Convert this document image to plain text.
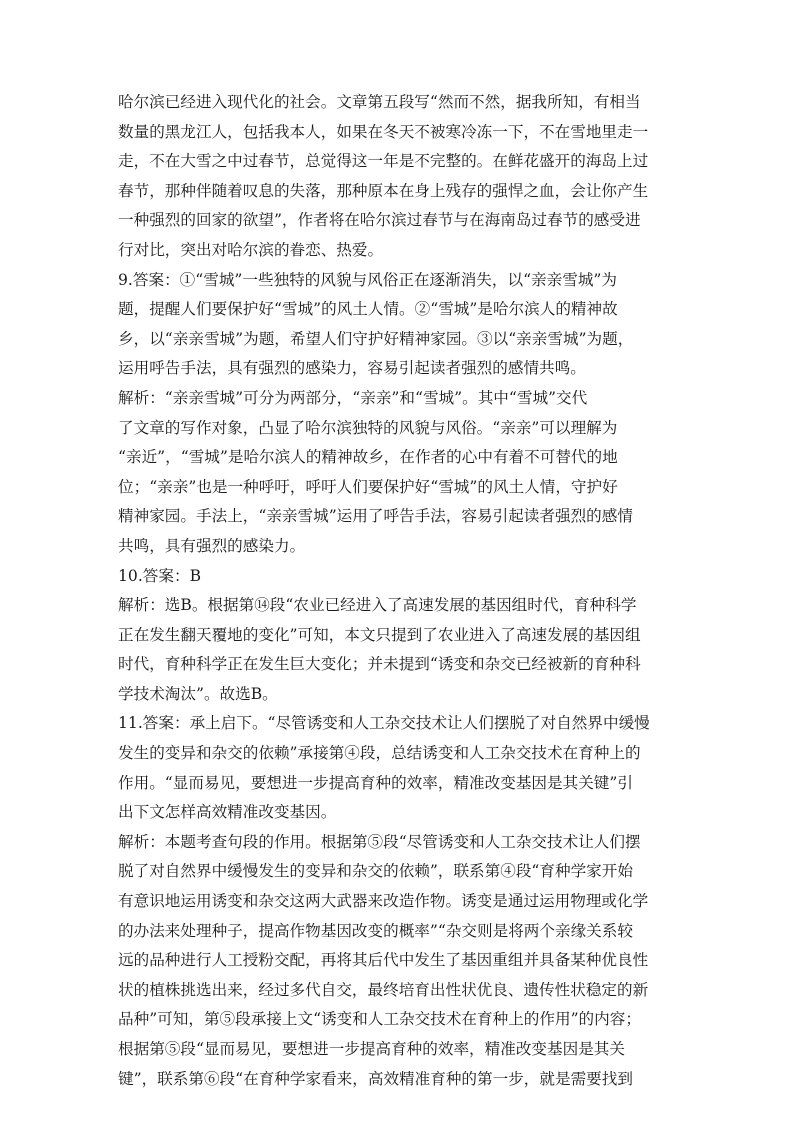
哈尔滨已经进入现代化的社会。文章第五段写“然而不然，据我所知，有相当
数量的黑龙江人，包括我本人，如果在冬天不被寒冷冻一下，不在雪地里走一
走，不在大雪之中过春节，总觉得这一年是不完整的。在鲜花盛开的海岛上过
春节，那种伴随着叹息的失落，那种原本在身上残存的强悍之血，会让你产生
一种强烈的回家的欲望”，作者将在哈尔滨过春节与在海南岛过春节的感受进
行对比，突出对哈尔滨的眷恋、热爱。
9.答案：①“雪城”一些独特的风貌与风俗正在逐渐消失，以“亲亲雪城”为
题，提醒人们要保护好“雪城”的风土人情。②“雪城”是哈尔滨人的精神故
乡，以“亲亲雪城”为题，希望人们守护好精神家园。③以“亲亲雪城”为题，
运用呼告手法，具有强烈的感染力，容易引起读者强烈的感情共鸣。
解析：“亲亲雪城”可分为两部分，“亲亲”和“雪城”。其中“雪城”交代
了文章的写作对象，凸显了哈尔滨独特的风貌与风俗。“亲亲”可以理解为
“亲近”，“雪城”是哈尔滨人的精神故乡，在作者的心中有着不可替代的地
位；“亲亲”也是一种呼吁，呼吁人们要保护好“雪城”的风土人情，守护好
精神家园。手法上，“亲亲雪城”运用了呼告手法，容易引起读者强烈的感情
共鸣，具有强烈的感染力。
10.答案：B
解析：选B。根据第⑭段“农业已经进入了高速发展的基因组时代，育种科学
正在发生翻天覆地的变化”可知，本文只提到了农业进入了高速发展的基因组
时代，育种科学正在发生巨大变化；并未提到“诱变和杂交已经被新的育种科
学技术淘汰”。故选B。
11.答案：承上启下。“尽管诱变和人工杂交技术让人们摆脱了对自然界中缓慢
发生的变异和杂交的依赖”承接第④段，总结诱变和人工杂交技术在育种上的
作用。“显而易见，要想进一步提高育种的效率，精准改变基因是其关键”引
出下文怎样高效精准改变基因。
解析：本题考查句段的作用。根据第⑤段“尽管诱变和人工杂交技术让人们摆
脱了对自然界中缓慢发生的变异和杂交的依赖”，联系第④段“育种学家开始
有意识地运用诱变和杂交这两大武器来改造作物。诱变是通过运用物理或化学
的办法来处理种子，提高作物基因改变的概率”“杂交则是将两个亲缘关系较
远的品种进行人工授粉交配，再将其后代中发生了基因重组并具备某种优良性
状的植株挑选出来，经过多代自交，最终培育出性状优良、遗传性状稳定的新
品种”可知，第⑤段承接上文“诱变和人工杂交技术在育种上的作用”的内容；
根据第⑤段“显而易见，要想进一步提高育种的效率，精准改变基因是其关
键”，联系第⑥段“在育种学家看来，高效精准育种的第一步，就是需要找到
